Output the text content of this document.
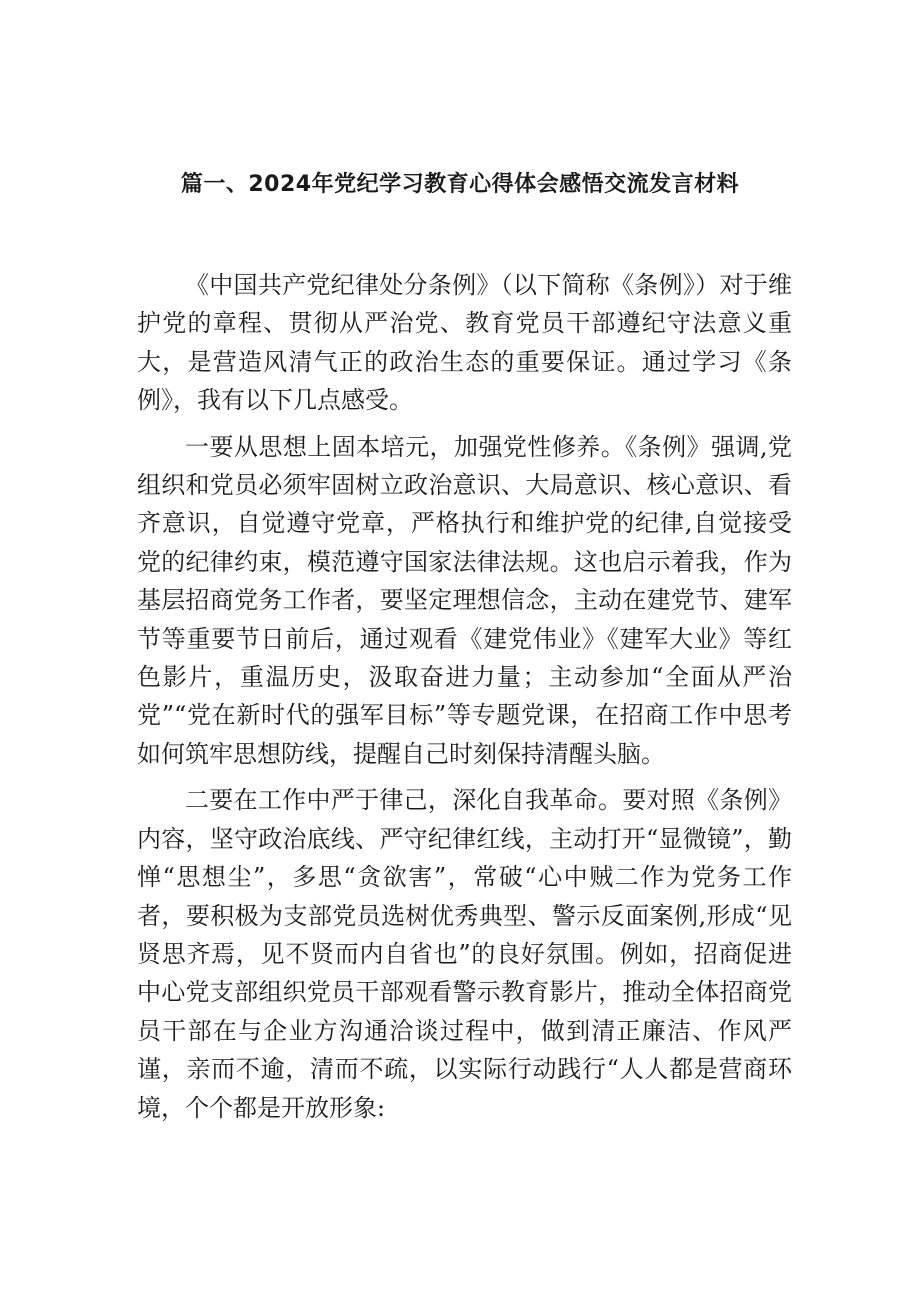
篇一、2024年党纪学习教育心得体会感悟交流发言材料

《中国共产党纪律处分条例》（以下简称《条例》）对于维护党的章程、贯彻从严治党、教育党员干部遵纪守法意义重大，是营造风清气正的政治生态的重要保证。通过学习《条例》，我有以下几点感受。

一要从思想上固本培元，加强党性修养。《条例》强调,党组织和党员必须牢固树立政治意识、大局意识、核心意识、看齐意识，自觉遵守党章，严格执行和维护党的纪律,自觉接受党的纪律约束，模范遵守国家法律法规。这也启示着我，作为基层招商党务工作者，要坚定理想信念，主动在建党节、建军节等重要节日前后，通过观看《建党伟业》《建军大业》等红色影片，重温历史，汲取奋进力量；主动参加“全面从严治党”“党在新时代的强军目标”等专题党课，在招商工作中思考如何筑牢思想防线，提醒自己时刻保持清醒头脑。

二要在工作中严于律己，深化自我革命。要对照《条例》内容，坚守政治底线、严守纪律红线，主动打开“显微镜”，勤惮“思想尘”，多思“贪欲害”，常破“心中贼二作为党务工作者，要积极为支部党员选树优秀典型、警示反面案例,形成“见贤思齐焉，见不贤而内自省也”的良好氛围。例如，招商促进中心党支部组织党员干部观看警示教育影片，推动全体招商党员干部在与企业方沟通洽谈过程中，做到清正廉洁、作风严谨，亲而不逾，清而不疏，以实际行动践行“人人都是营商环境，个个都是开放形象:
